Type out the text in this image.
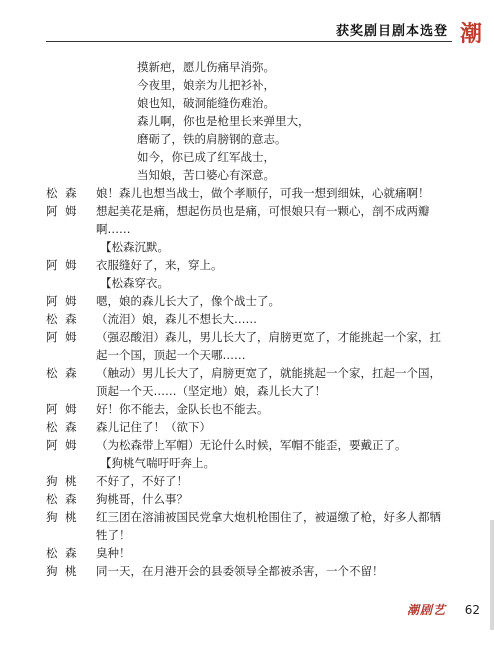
获奖剧目剧本选登 潮
摸新疤，愿儿伤痛早消弥。
今夜里，娘亲为儿把衫补，
娘也知，破洞能缝伤难治。
森儿啊，你也是枪里长来弹里大，
磨砺了，铁的肩膀钢的意志。
如今，你已成了红军战士，
当知娘，苦口婆心有深意。
松 森	娘！森儿也想当战士，做个孝顺仔，可我一想到细妹，心就痛啊！
阿 姆	想起美花是痛，想起伤员也是痛，可恨娘只有一颗心，剖不成两瓣啊……
【松森沉默。
阿 姆	衣服缝好了，来，穿上。
【松森穿衣。
阿 姆	嗯，娘的森儿长大了，像个战士了。
松 森	（流泪）娘，森儿不想长大……
阿 姆	（强忍酸泪）森儿，男儿长大了，肩膀更宽了，才能挑起一个家，扛起一个国，顶起一个天哪……
松 森	（触动）男儿长大了，肩膀更宽了，就能挑起一个家，扛起一个国，顶起一个天……（坚定地）娘，森儿长大了！
阿 姆	好！你不能去，金队长也不能去。
松 森	森儿记住了！（欲下）
阿 姆	（为松森带上军帽）无论什么时候，军帽不能歪，要戴正了。
【狗桃气喘吁吁奔上。
狗 桃	不好了，不好了！
松 森	狗桃哥，什么事？
狗 桃	红三团在溶浦被国民党拿大炮机枪围住了，被逼缴了枪，好多人都牺牲了！
松 森	臭种！
狗 桃	同一天，在月港开会的县委领导全都被杀害，一个不留！
潮剧艺 62
